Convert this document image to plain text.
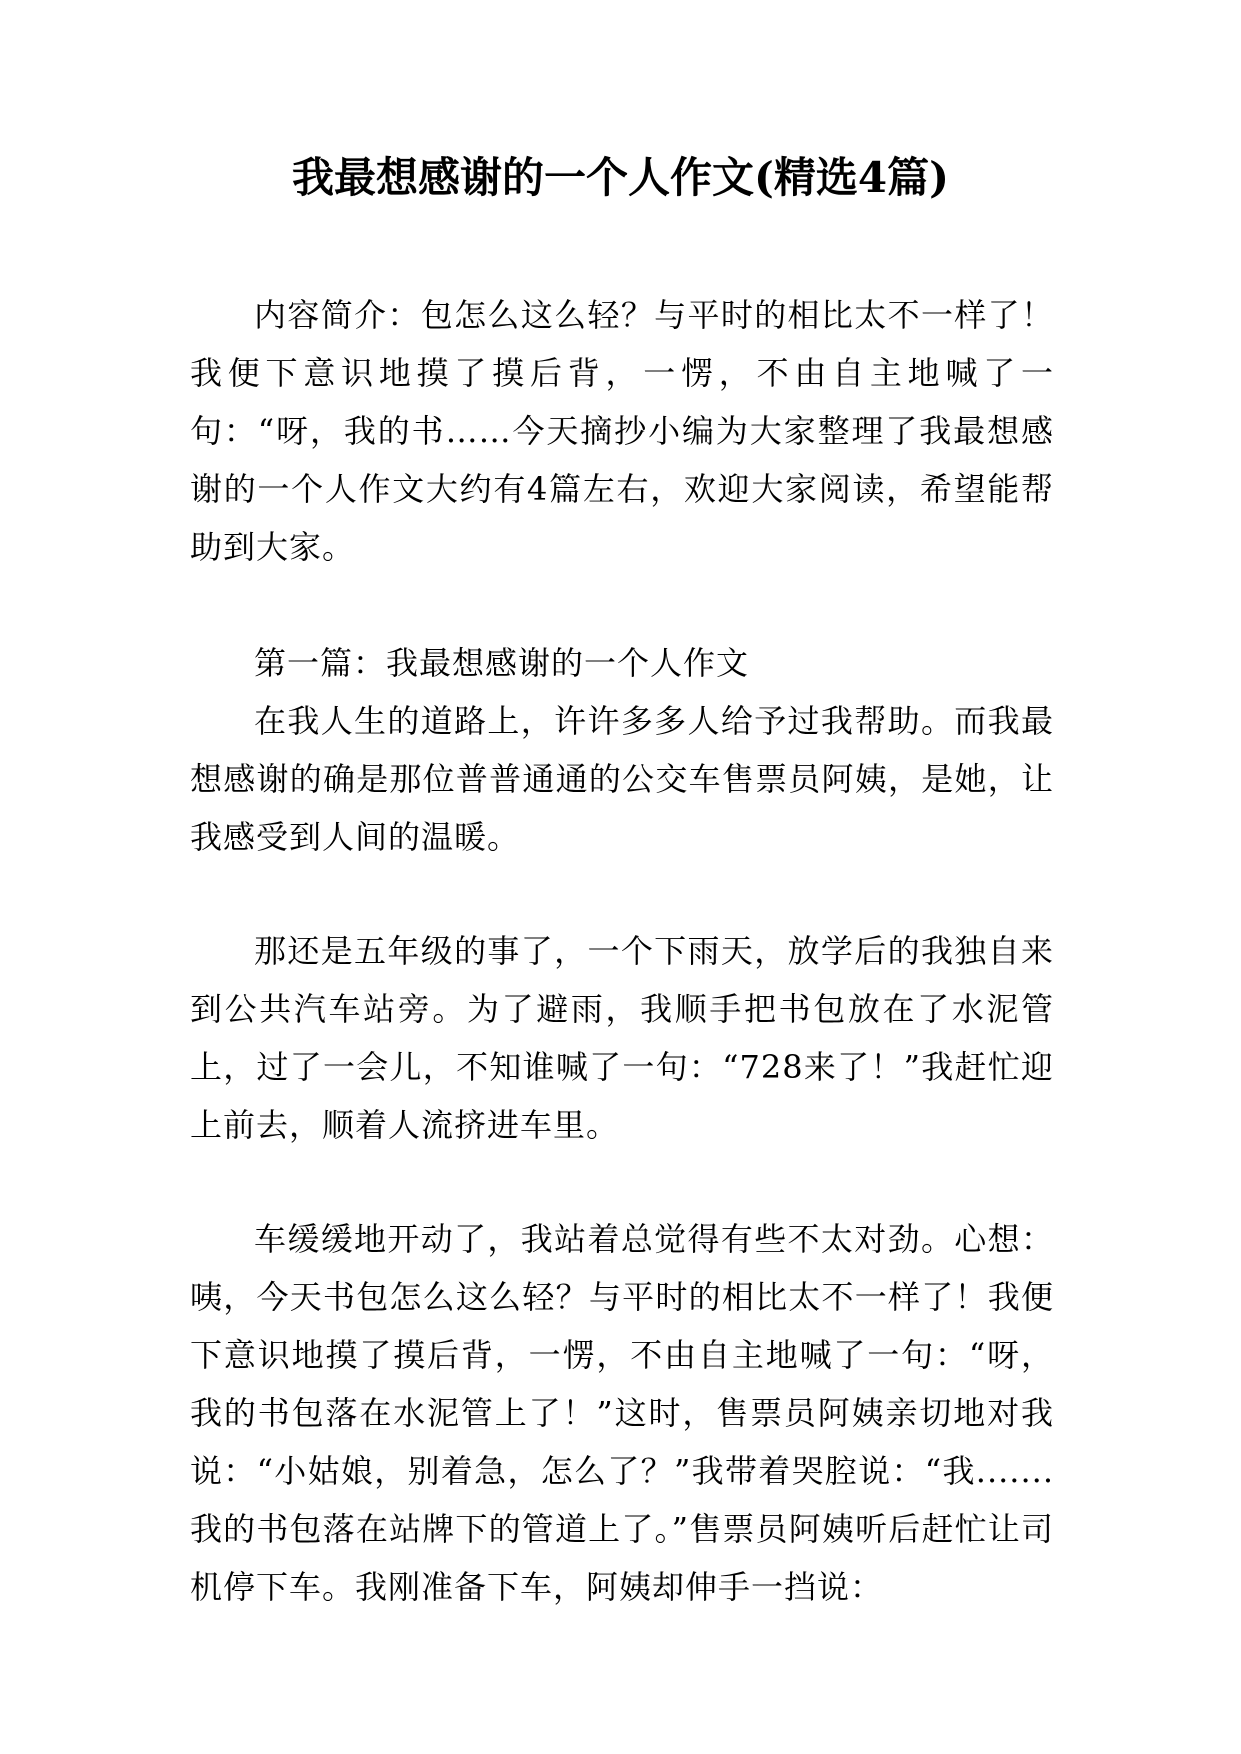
我最想感谢的一个人作文(精选4篇)

内容简介：包怎么这么轻？与平时的相比太不一样了！我便下意识地摸了摸后背，一愣，不由自主地喊了一句：“呀，我的书……今天摘抄小编为大家整理了我最想感谢的一个人作文大约有4篇左右，欢迎大家阅读，希望能帮助到大家。

第一篇：我最想感谢的一个人作文

在我人生的道路上，许许多多人给予过我帮助。而我最想感谢的确是那位普普通通的公交车售票员阿姨，是她，让我感受到人间的温暖。

那还是五年级的事了，一个下雨天，放学后的我独自来到公共汽车站旁。为了避雨，我顺手把书包放在了水泥管上，过了一会儿，不知谁喊了一句：“728来了！”我赶忙迎上前去，顺着人流挤进车里。

车缓缓地开动了，我站着总觉得有些不太对劲。心想：咦，今天书包怎么这么轻？与平时的相比太不一样了！我便下意识地摸了摸后背，一愣，不由自主地喊了一句：“呀，我的书包落在水泥管上了！”这时，售票员阿姨亲切地对我说：“小姑娘，别着急，怎么了？”我带着哭腔说：“我.......我的书包落在站牌下的管道上了。”售票员阿姨听后赶忙让司机停下车。我刚准备下车，阿姨却伸手一挡说：
